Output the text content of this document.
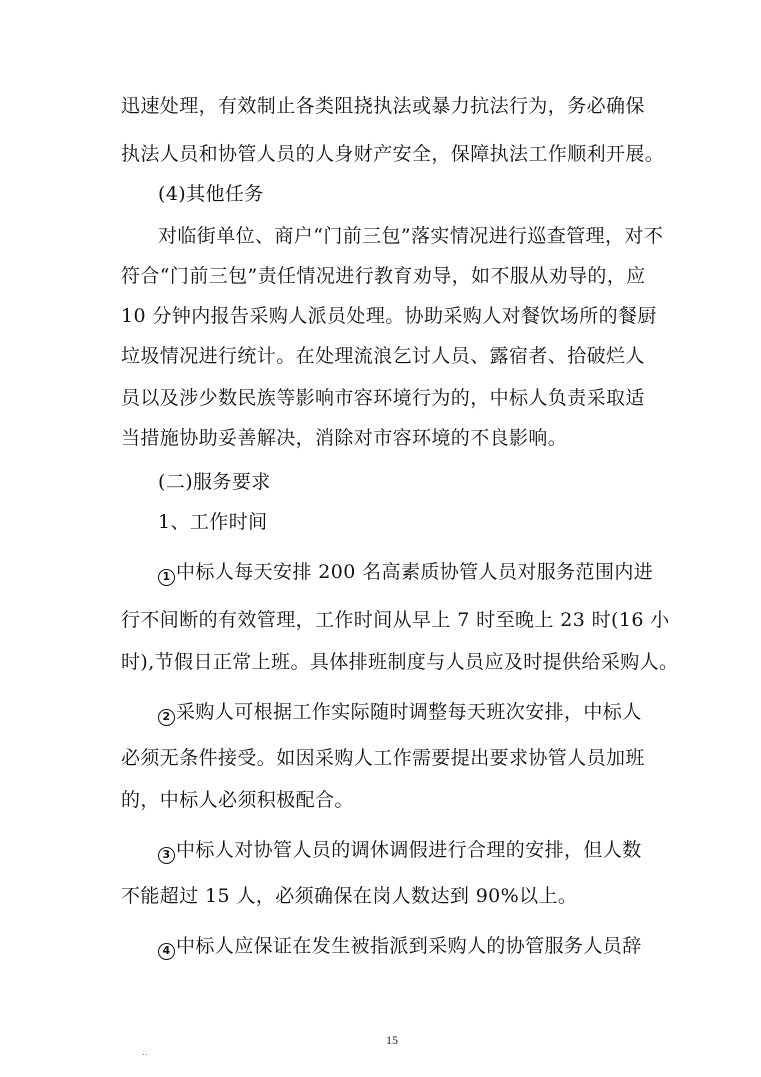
迅速处理，有效制止各类阻挠执法或暴力抗法行为，务必确保
执法人员和协管人员的人身财产安全，保障执法工作顺利开展。
(4)其他任务
对临街单位、商户“门前三包”落实情况进行巡查管理，对不
符合“门前三包”责任情况进行教育劝导，如不服从劝导的，应
10 分钟内报告采购人派员处理。协助采购人对餐饮场所的餐厨
垃圾情况进行统计。在处理流浪乞讨人员、露宿者、拾破烂人
员以及涉少数民族等影响市容环境行为的，中标人负责采取适
当措施协助妥善解决，消除对市容环境的不良影响。
(二)服务要求
1、工作时间
1 中标人每天安排 200 名高素质协管人员对服务范围内进
行不间断的有效管理，工作时间从早上 7 时至晚上 23 时(16 小
时),节假日正常上班。具体排班制度与人员应及时提供给采购人。
2 采购人可根据工作实际随时调整每天班次安排，中标人
必须无条件接受。如因采购人工作需要提出要求协管人员加班
的，中标人必须积极配合。
3 中标人对协管人员的调休调假进行合理的安排，但人数
不能超过 15 人，必须确保在岗人数达到 90%以上。
4 中标人应保证在发生被指派到采购人的协管服务人员辞
15
..
